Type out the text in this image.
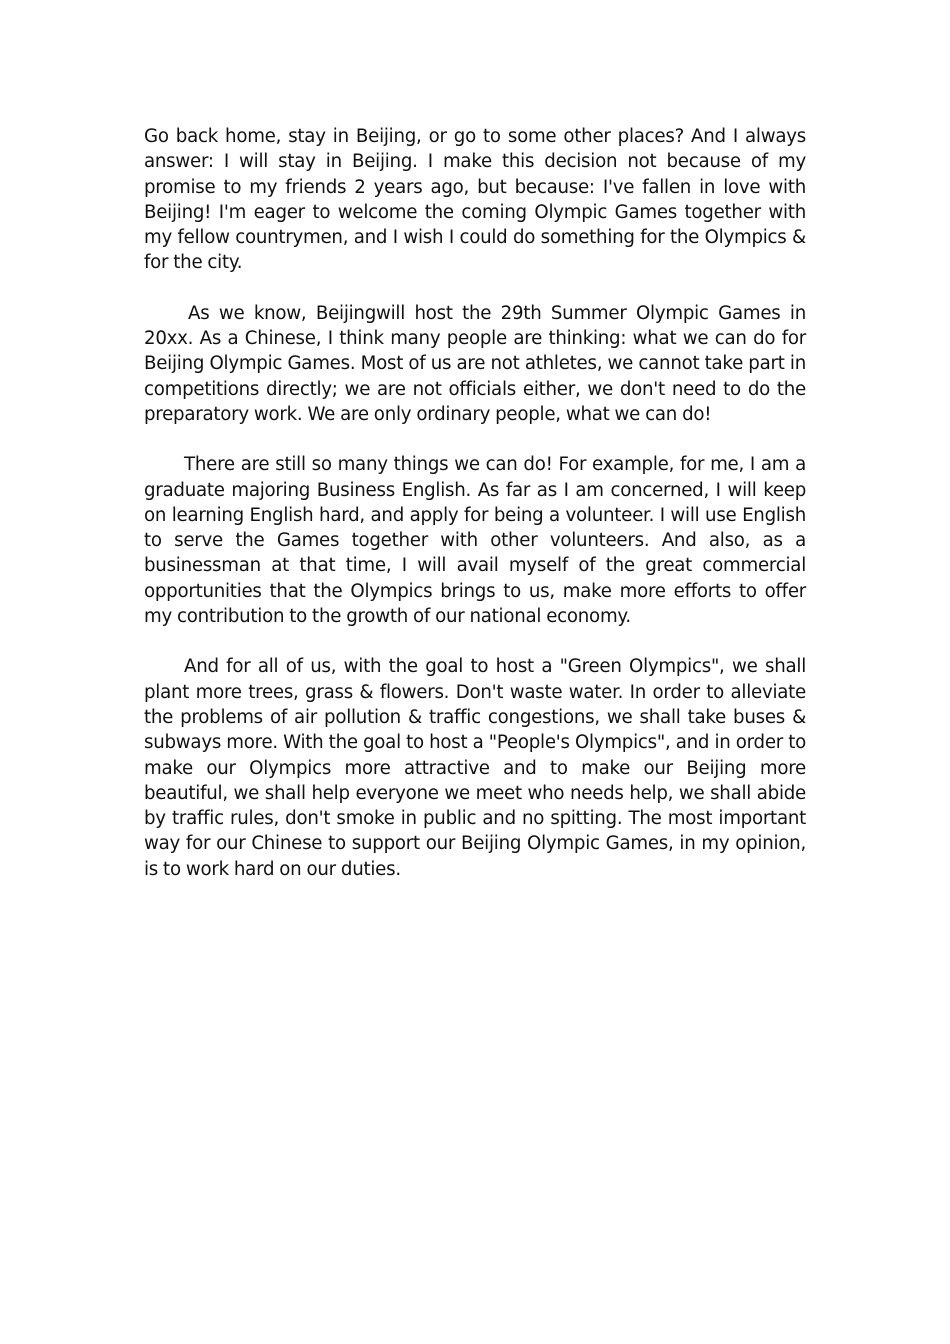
Go back home, stay in Beijing, or go to some other places? And I always answer: I will stay in Beijing. I make this decision not because of my promise to my friends 2 years ago, but because: I've fallen in love with Beijing! I'm eager to welcome the coming Olympic Games together with my fellow countrymen, and I wish I could do something for the Olympics & for the city.

As we know, Beijingwill host the 29th Summer Olympic Games in 20xx. As a Chinese, I think many people are thinking: what we can do for Beijing Olympic Games. Most of us are not athletes, we cannot take part in competitions directly; we are not officials either, we don't need to do the preparatory work. We are only ordinary people, what we can do!

There are still so many things we can do! For example, for me, I am a graduate majoring Business English. As far as I am concerned, I will keep on learning English hard, and apply for being a volunteer. I will use English to serve the Games together with other volunteers. And also, as a businessman at that time, I will avail myself of the great commercial opportunities that the Olympics brings to us, make more efforts to offer my contribution to the growth of our national economy.

And for all of us, with the goal to host a "Green Olympics", we shall plant more trees, grass & flowers. Don't waste water. In order to alleviate the problems of air pollution & traffic congestions, we shall take buses & subways more. With the goal to host a "People's Olympics", and in order to make our Olympics more attractive and to make our Beijing more beautiful, we shall help everyone we meet who needs help, we shall abide by traffic rules, don't smoke in public and no spitting. The most important way for our Chinese to support our Beijing Olympic Games, in my opinion, is to work hard on our duties.
